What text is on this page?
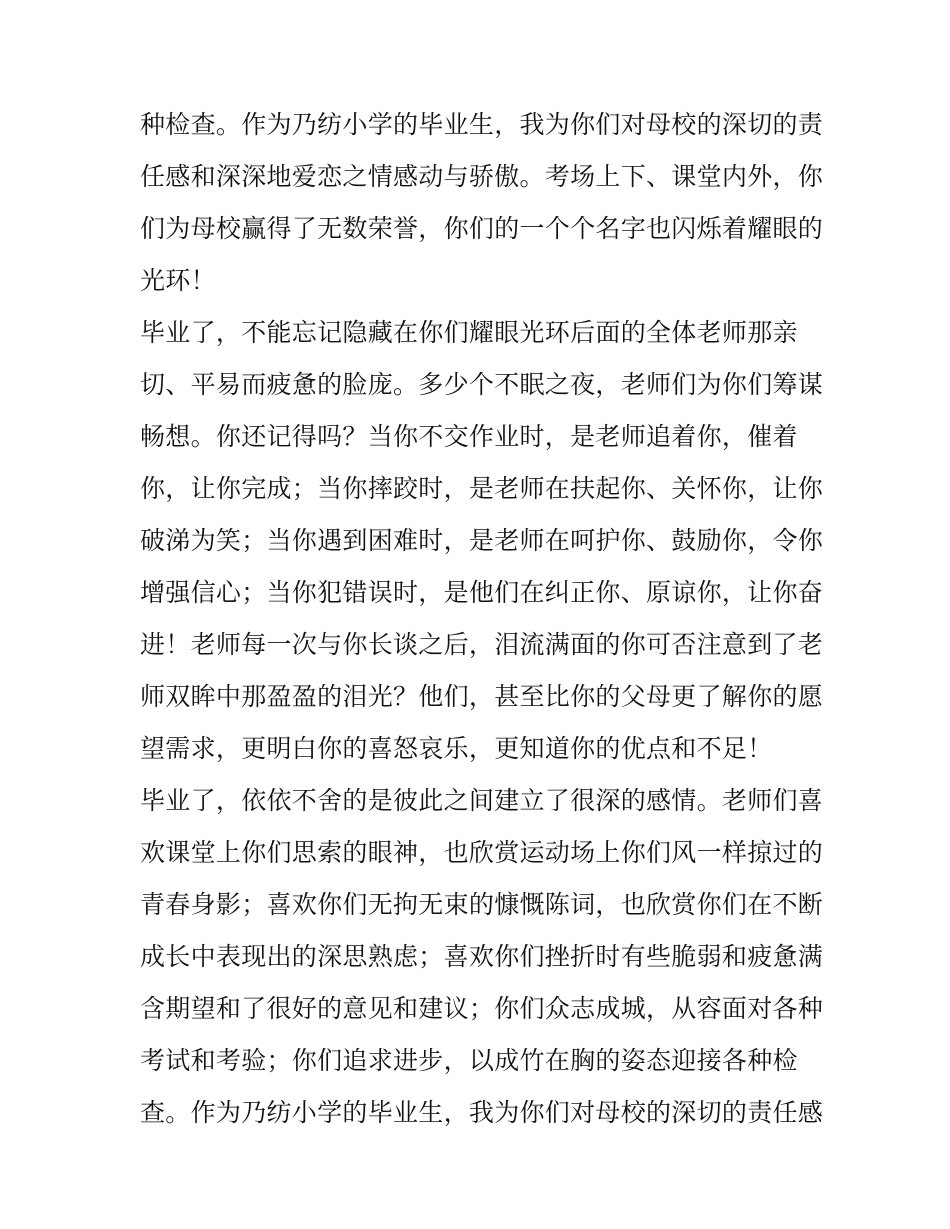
种检查。作为乃纺小学的毕业生，我为你们对母校的深切的责
任感和深深地爱恋之情感动与骄傲。考场上下、课堂内外，你
们为母校赢得了无数荣誉，你们的一个个名字也闪烁着耀眼的
光环！
毕业了，不能忘记隐藏在你们耀眼光环后面的全体老师那亲
切、平易而疲惫的脸庞。多少个不眠之夜，老师们为你们筹谋
畅想。你还记得吗？当你不交作业时，是老师追着你，催着
你，让你完成；当你摔跤时，是老师在扶起你、关怀你，让你
破涕为笑；当你遇到困难时，是老师在呵护你、鼓励你，令你
增强信心；当你犯错误时，是他们在纠正你、原谅你，让你奋
进！老师每一次与你长谈之后，泪流满面的你可否注意到了老
师双眸中那盈盈的泪光？他们，甚至比你的父母更了解你的愿
望需求，更明白你的喜怒哀乐，更知道你的优点和不足！
毕业了，依依不舍的是彼此之间建立了很深的感情。老师们喜
欢课堂上你们思索的眼神，也欣赏运动场上你们风一样掠过的
青春身影；喜欢你们无拘无束的慷慨陈词，也欣赏你们在不断
成长中表现出的深思熟虑；喜欢你们挫折时有些脆弱和疲惫满
含期望和了很好的意见和建议；你们众志成城，从容面对各种
考试和考验；你们追求进步，以成竹在胸的姿态迎接各种检
查。作为乃纺小学的毕业生，我为你们对母校的深切的责任感
